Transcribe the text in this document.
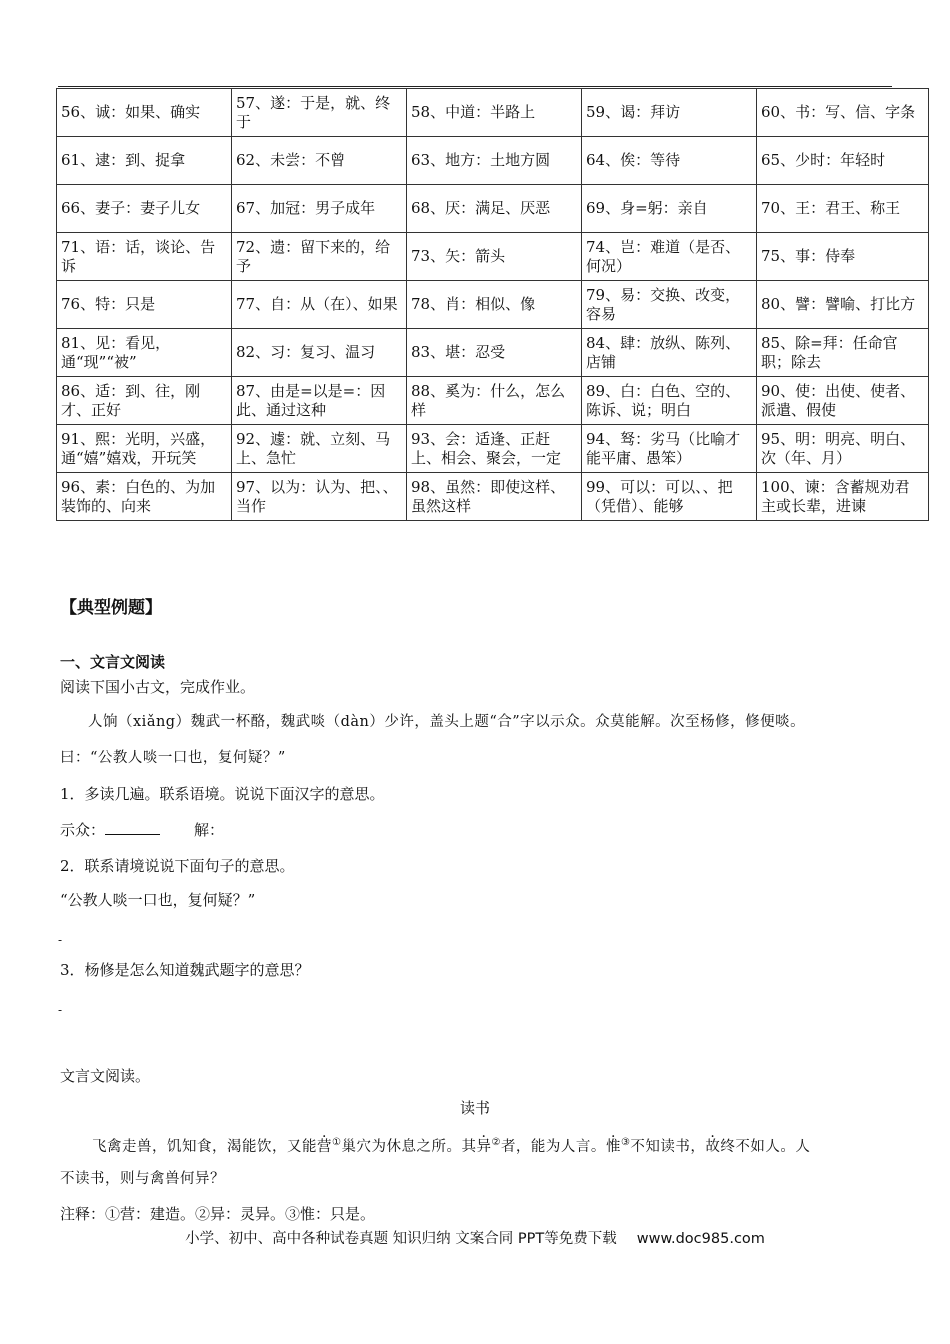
56、诚：如果、确实	57、遂：于是，就、终于	58、中道：半路上	59、谒：拜访	60、书：写、信、字条
61、逮：到、捉拿	62、未尝：不曾	63、地方：土地方圆	64、俟：等待	65、少时：年轻时
66、妻子：妻子儿女	67、加冠：男子成年	68、厌：满足、厌恶	69、身=躬：亲自	70、王：君王、称王
71、语：话，谈论、告诉	72、遗：留下来的，给予	73、矢：箭头	74、岂：难道（是否、何况）	75、事：侍奉
76、特：只是	77、自：从（在）、如果	78、肖：相似、像	79、易：交换、改变，容易	80、譬：譬喻、打比方
81、见：看见，通“现”“被”	82、习：复习、温习	83、堪：忍受	84、肆：放纵、陈列、店铺	85、除=拜：任命官职；除去
86、适：到、往，刚才、正好	87、由是=以是=：因此、通过这种	88、奚为：什么，怎么样	89、白：白色、空的、陈诉、说；明白	90、使：出使、使者、派遣、假使
91、熙：光明，兴盛，通“嬉”嬉戏，开玩笑	92、遽：就、立刻、马上、急忙	93、会：适逢、正赶上、相会、聚会，一定	94、驽：劣马（比喻才能平庸、愚笨）	95、明：明亮、明白、次（年、月）
96、素：白色的、为加装饰的、向来	97、以为：认为、把、、当作	98、虽然：即使这样、虽然这样	99、可以：可以、、把（凭借）、能够	100、谏：含蓄规劝君主或长辈，进谏
【典型例题】
一、文言文阅读
阅读下国小古文，完成作业。
人饷（xiǎng）魏武一杯酪，魏武啖（dàn）少许，盖头上题“合”字以示众。众莫能解。次至杨修，修便啖。
曰：“公教人啖一口也，复何疑？”
1．多读几遍。联系语境。说说下面汉字的意思。
示众：	解：
2．联系请境说说下面句子的意思。
“公教人啖一口也，复何疑？”
-
3．杨修是怎么知道魏武题字的意思？
-
文言文阅读。
读书
飞禽走兽，饥知食，渴能饮，又能营①巢穴为休息之所。其异②者，能为人言。惟③不知读书，故终不如人。人
不读书，则与禽兽何异？
注释：①营：建造。②异：灵异。③惟：只是。
小学、初中、高中各种试卷真题 知识归纳 文案合同 PPT等免费下载 www.doc985.com
